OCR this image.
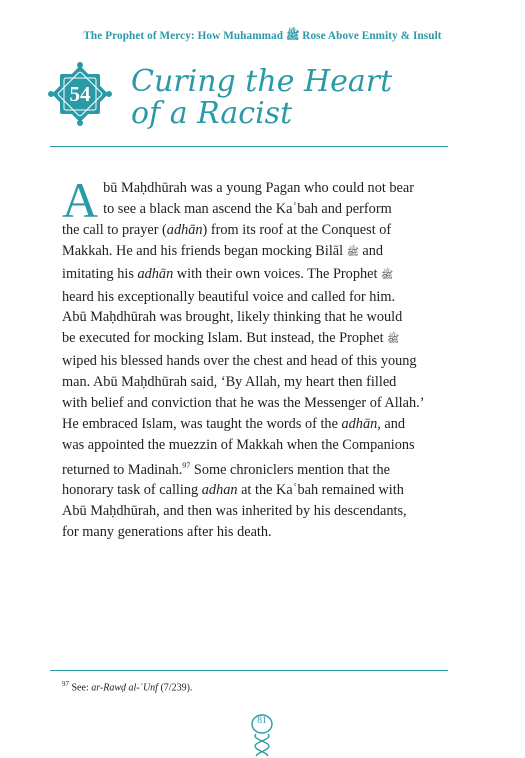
The Prophet of Mercy: How Muhammad ﷺ Rose Above Enmity & Insult
54	Curing the Heart
of a Racist
A bū Maḥdhūrah was a young Pagan who could not bear
to see a black man ascend the Kaʿbah and perform
the call to prayer (adhān) from its roof at the Conquest of
Makkah. He and his friends began mocking Bilāl ﷺ and
imitating his adhān with their own voices. The Prophet ﷺ
heard his exceptionally beautiful voice and called for him.
Abū Maḥdhūrah was brought, likely thinking that he would
be executed for mocking Islam. But instead, the Prophet ﷺ
wiped his blessed hands over the chest and head of this young
man. Abū Maḥdhūrah said, ‘By Allah, my heart then filled
with belief and conviction that he was the Messenger of Allah.’
He embraced Islam, was taught the words of the adhān, and
was appointed the muezzin of Makkah when the Companions
returned to Madinah.$^{97}$ Some chroniclers mention that the
honorary task of calling adhan at the Kaʿbah remained with
Abū Maḥdhūrah, and then was inherited by his descendants,
for many generations after his death.
$^{97}$ See: ar-Rawḍ al-ʿUnf (7/239).
81
